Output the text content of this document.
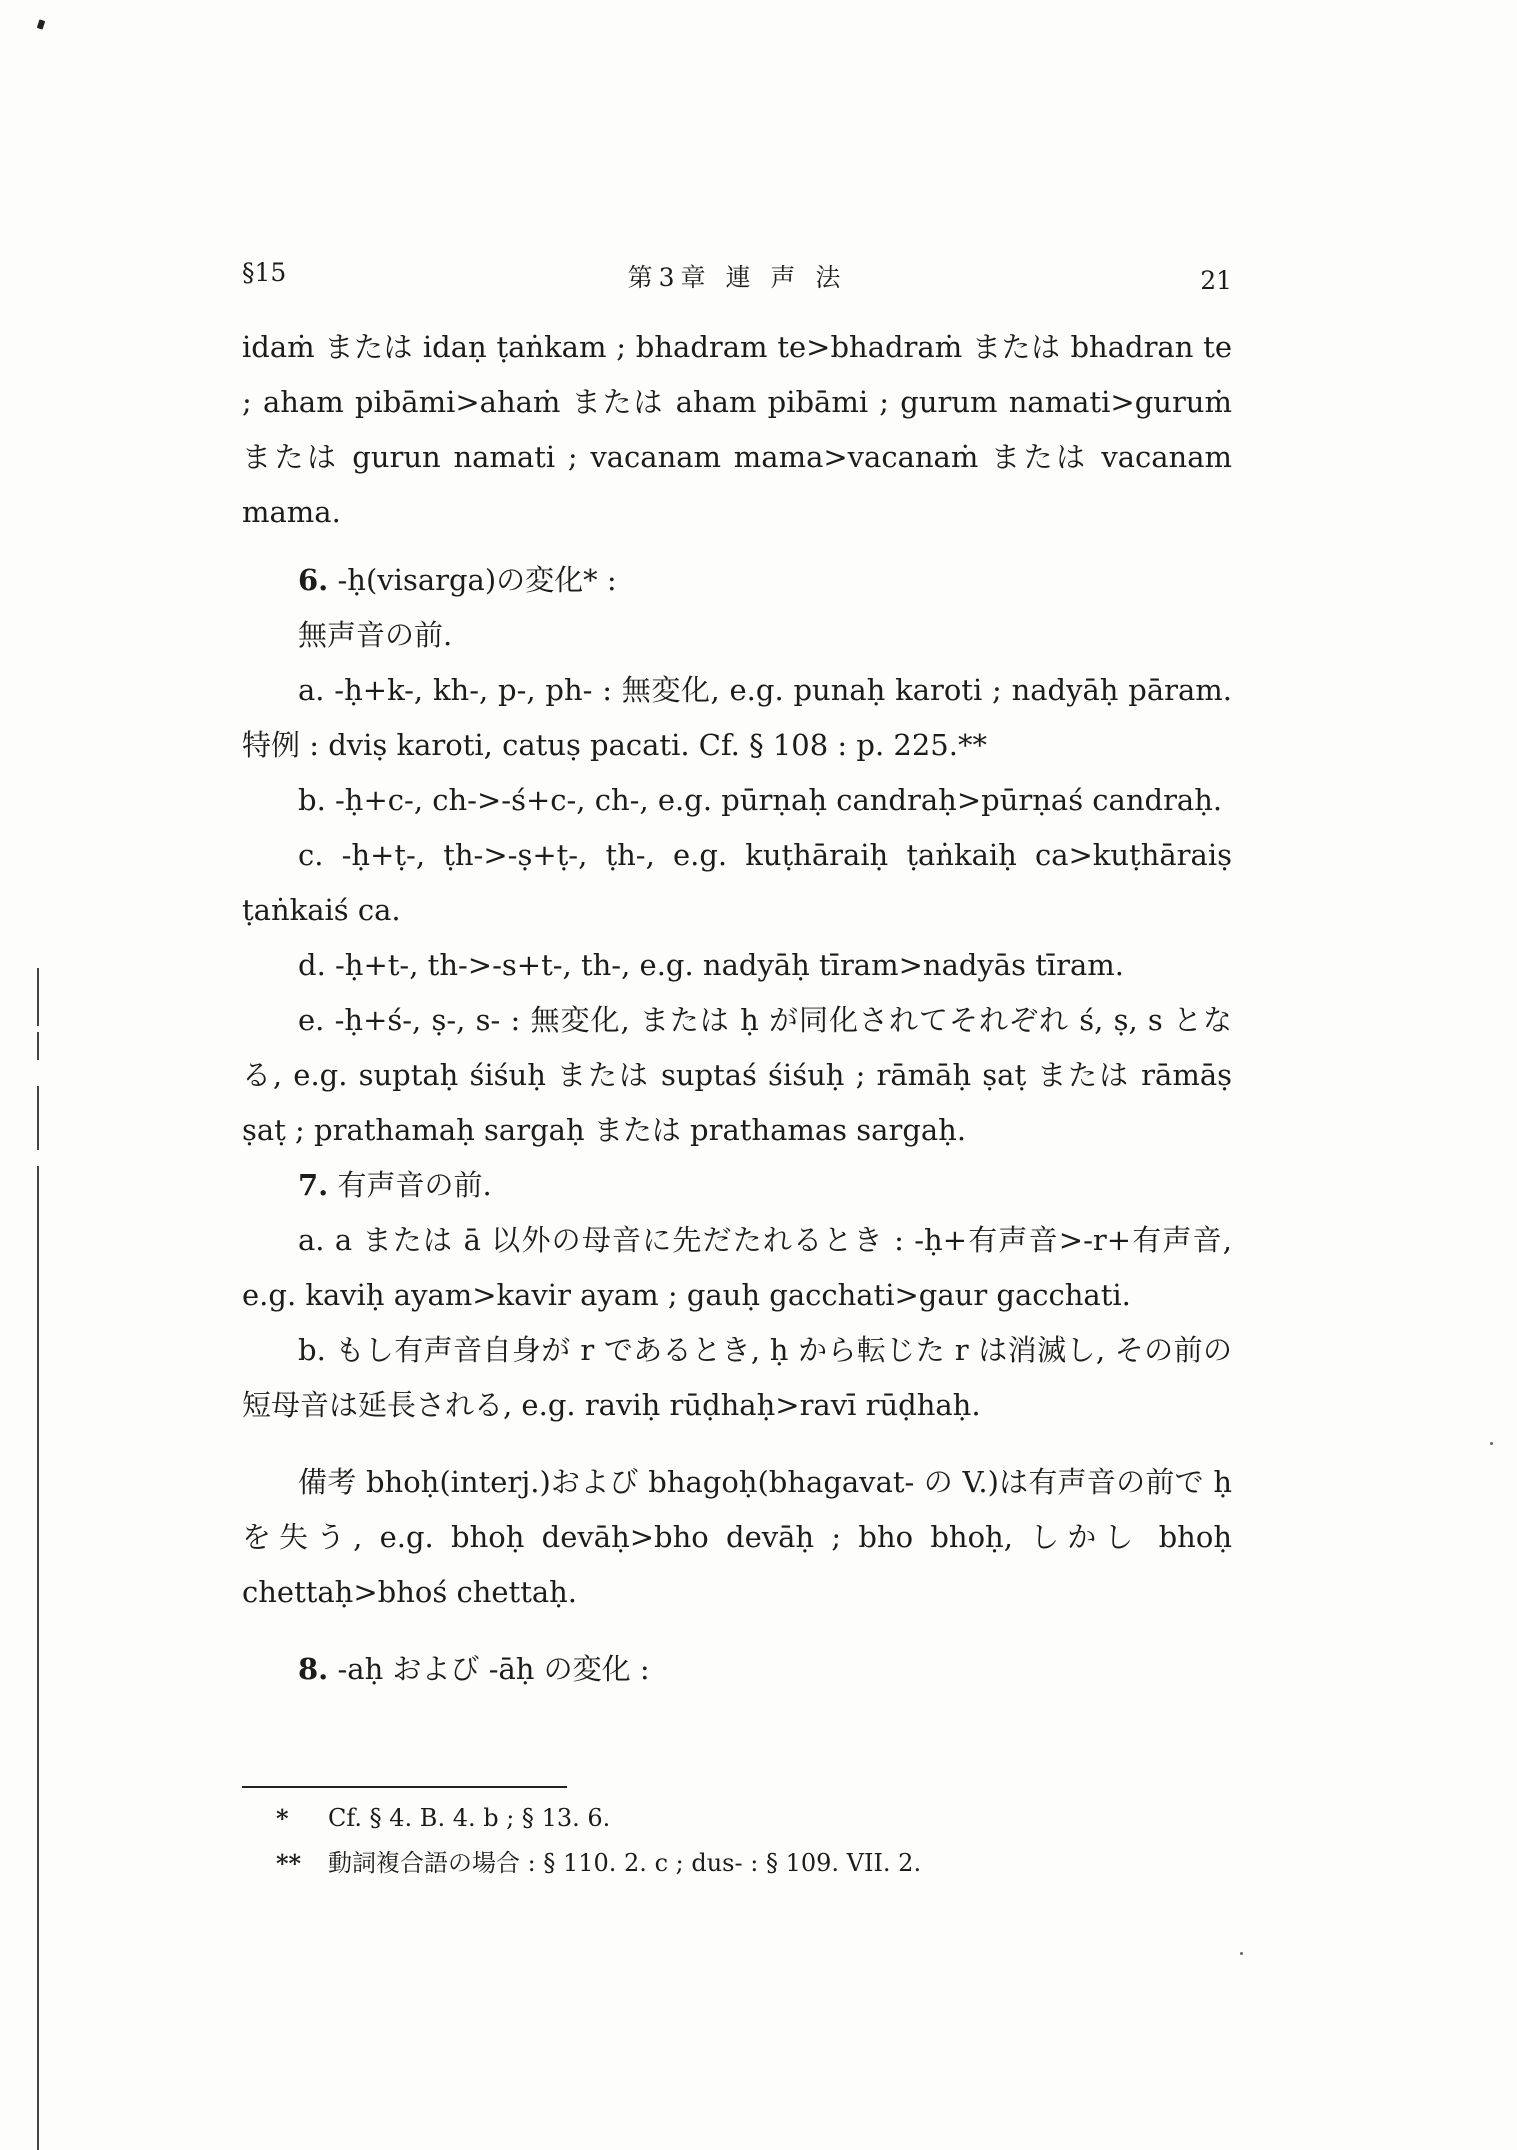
§15	第3章 連 声 法	21

idaṁ または idaṇ ṭaṅkam ; bhadram te>bhadraṁ または bhadran te ; aham pibāmi>ahaṁ または aham pibāmi ; gurum namati>guruṁ または gurun namati ; vacanam mama>vacanaṁ または vacanam mama.

6. -ḥ(visarga)の変化* :

無声音の前.

a. -ḥ+k-, kh-, p-, ph- : 無変化, e.g. punaḥ karoti ; nadyāḥ pāram. 特例 : dviṣ karoti, catuṣ pacati. Cf. § 108 : p. 225.**

b. -ḥ+c-, ch->-ś+c-, ch-, e.g. pūrṇaḥ candraḥ>pūrṇaś candraḥ.

c. -ḥ+ṭ-, ṭh->-ṣ+ṭ-, ṭh-, e.g. kuṭhāraiḥ ṭaṅkaiḥ ca>kuṭhāraiṣ ṭaṅkaiś ca.

d. -ḥ+t-, th->-s+t-, th-, e.g. nadyāḥ tīram>nadyās tīram.

e. -ḥ+ś-, ṣ-, s- : 無変化, または ḥ が同化されてそれぞれ ś, ṣ, s となる, e.g. suptaḥ śiśuḥ または suptaś śiśuḥ ; rāmāḥ ṣaṭ または rāmāṣ ṣaṭ ; prathamaḥ sargaḥ または prathamas sargaḥ.

7. 有声音の前.

a. a または ā 以外の母音に先だたれるとき : -ḥ+有声音>-r+有声音, e.g. kaviḥ ayam>kavir ayam ; gauḥ gacchati>gaur gacchati.

b. もし有声音自身が r であるとき, ḥ から転じた r は消滅し, その前の短母音は延長される, e.g. raviḥ rūḍhaḥ>ravī rūḍhaḥ.

備考 bhoḥ(interj.)および bhagoḥ(bhagavat- の V.)は有声音の前で ḥ を失う, e.g. bhoḥ devāḥ>bho devāḥ ; bho bhoḥ, しかし bhoḥ chettaḥ>bhoś chettaḥ.

8. -aḥ および -āḥ の変化 :

*	Cf. § 4. B. 4. b ; § 13. 6.
**	動詞複合語の場合 : § 110. 2. c ; dus- : § 109. VII. 2.
